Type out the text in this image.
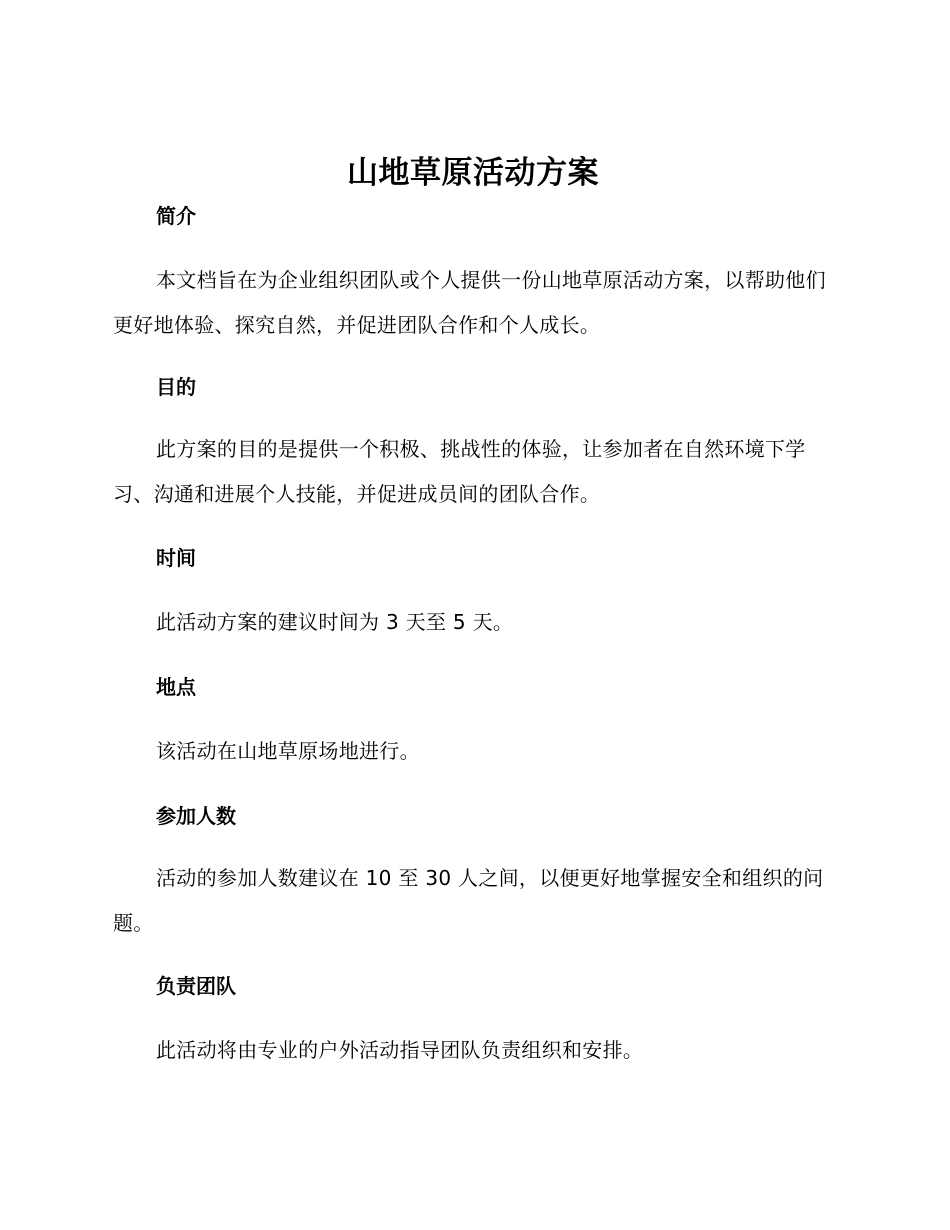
山地草原活动方案
简介

本文档旨在为企业组织团队或个人提供一份山地草原活动方案，以帮助他们更好地体验、探究自然，并促进团队合作和个人成长。

目的

此方案的目的是提供一个积极、挑战性的体验，让参加者在自然环境下学习、沟通和进展个人技能，并促进成员间的团队合作。

时间

此活动方案的建议时间为 3 天至 5 天。

地点

该活动在山地草原场地进行。

参加人数

活动的参加人数建议在 10 至 30 人之间，以便更好地掌握安全和组织的问题。

负责团队

此活动将由专业的户外活动指导团队负责组织和安排。
